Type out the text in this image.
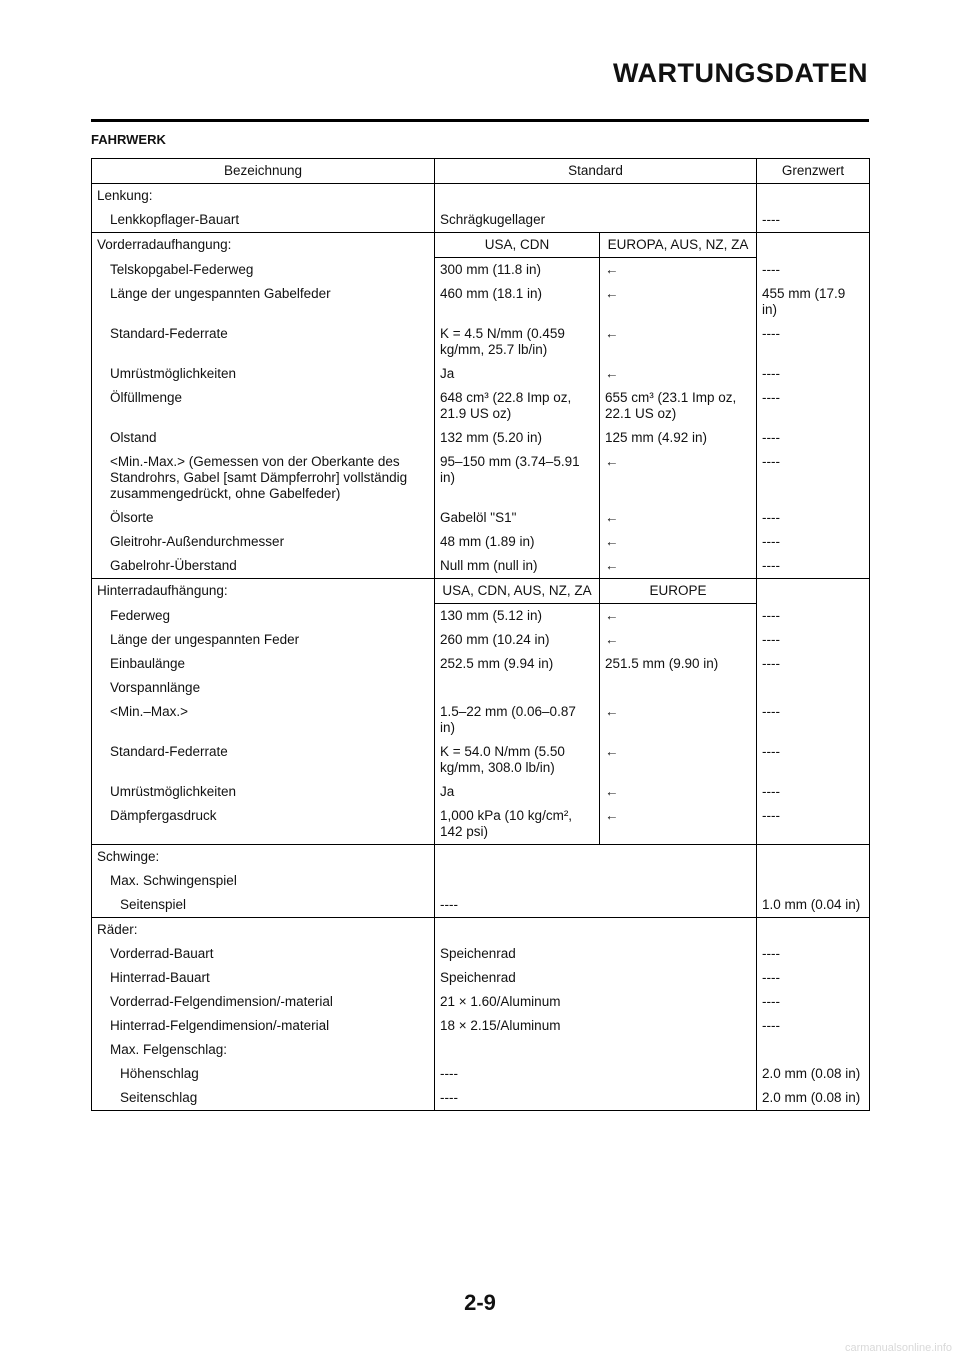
WARTUNGSDATEN
FAHRWERK
Bezeichnung	Standard		Grenzwert
Lenkung:			
Lenkkopflager-Bauart	Schrägkugellager		----
Vorderradaufhangung:	USA, CDN	EUROPA, AUS, NZ, ZA	
Telskopgabel-Federweg	300 mm (11.8 in)	←	----
Länge der ungespannten Gabelfeder	460 mm (18.1 in)	←	455 mm (17.9 in)
Standard-Federrate	K = 4.5 N/mm (0.459 kg/mm, 25.7 lb/in)	←	----
Umrüstmöglichkeiten	Ja	←	----
Ölfüllmenge	648 cm³ (22.8 Imp oz, 21.9 US oz)	655 cm³ (23.1 Imp oz, 22.1 US oz)	----
Olstand	132 mm (5.20 in)	125 mm (4.92 in)	----
<Min.-Max.> (Gemessen von der Oberkante des Standrohrs, Gabel [samt Dämpferrohr] vollständig zusammengedrückt, ohne Gabelfeder)	95–150 mm (3.74–5.91 in)	←	----
Ölsorte	Gabelöl "S1"	←	----
Gleitrohr-Außendurchmesser	48 mm (1.89 in)	←	----
Gabelrohr-Überstand	Null mm (null in)	←	----
Hinterradaufhängung:	USA, CDN, AUS, NZ, ZA	EUROPE	
Federweg	130 mm (5.12 in)	←	----
Länge der ungespannten Feder	260 mm (10.24 in)	←	----
Einbaulänge	252.5 mm (9.94 in)	251.5 mm (9.90 in)	----
Vorspannlänge			
<Min.–Max.>	1.5–22 mm (0.06–0.87 in)	←	----
Standard-Federrate	K = 54.0 N/mm (5.50 kg/mm, 308.0 lb/in)	←	----
Umrüstmöglichkeiten	Ja	←	----
Dämpfergasdruck	1,000 kPa (10 kg/cm², 142 psi)	←	----
Schwinge:			
Max. Schwingenspiel			
Seitenspiel	----		1.0 mm (0.04 in)
Räder:			
Vorderrad-Bauart	Speichenrad		----
Hinterrad-Bauart	Speichenrad		----
Vorderrad-Felgendimension/-material	21 × 1.60/Aluminum		----
Hinterrad-Felgendimension/-material	18 × 2.15/Aluminum		----
Max. Felgenschlag:			
Höhenschlag	----		2.0 mm (0.08 in)
Seitenschlag	----		2.0 mm (0.08 in)
2-9
carmanualsonline.info
